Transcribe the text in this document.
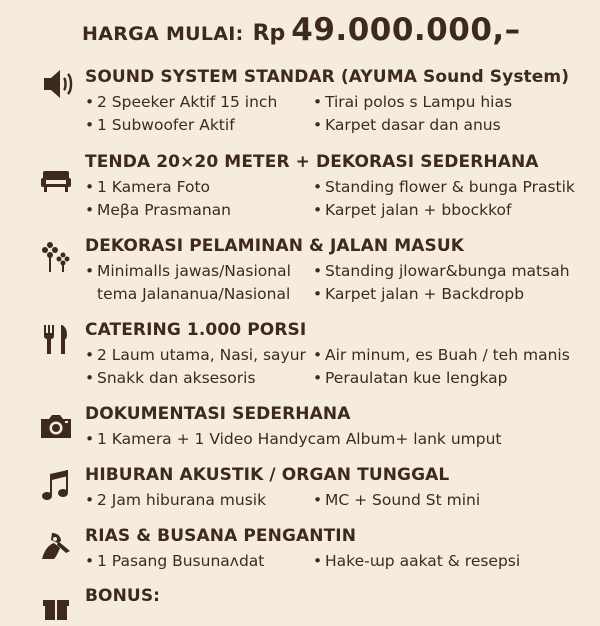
HARGA MULAI: Rp 49.000.000,–
SOUND SYSTEM STANDAR (AYUMA Sound System)
• 2 Speeker Aktif 15 inch
• 1 Subwoofer Aktif
• Tirai polos s Lampu hias
• Karpet dasar dan anus
TENDA 20×20 METER + DEKORASI SEDERHANA
• 1 Kamera Foto
• Meβa Prasmanan
• Standing flower & bunga Prastik
• Karpet jalan + bbockkof
DEKORASI PELAMINAN & JALAN MASUK
• Minimalls jawas/Nasional
tema Jalananua/Nasional
• Standing jlowar&bunga matsah
• Karpet jalan + Backdropb
CATERING 1.000 PORSI
• 2 Laum utama, Nasi, sayur
• Snakk dan aksesoris
• Air minum, es Buah / teh manis
• Peraulatan kue lengkap
DOKUMENTASI SEDERHANA
• 1 Kamera + 1 Video Handycam Album+ lank umput
HIBURAN AKUSTIK / ORGAN TUNGGAL
• 2 Jam hiburana musik	• MC + Sound St mini
RIAS & BUSANA PENGANTIN
• 1 Pasang Busunaʌdat	• Hake-ɯp aakat & resepsi
BONUS:
